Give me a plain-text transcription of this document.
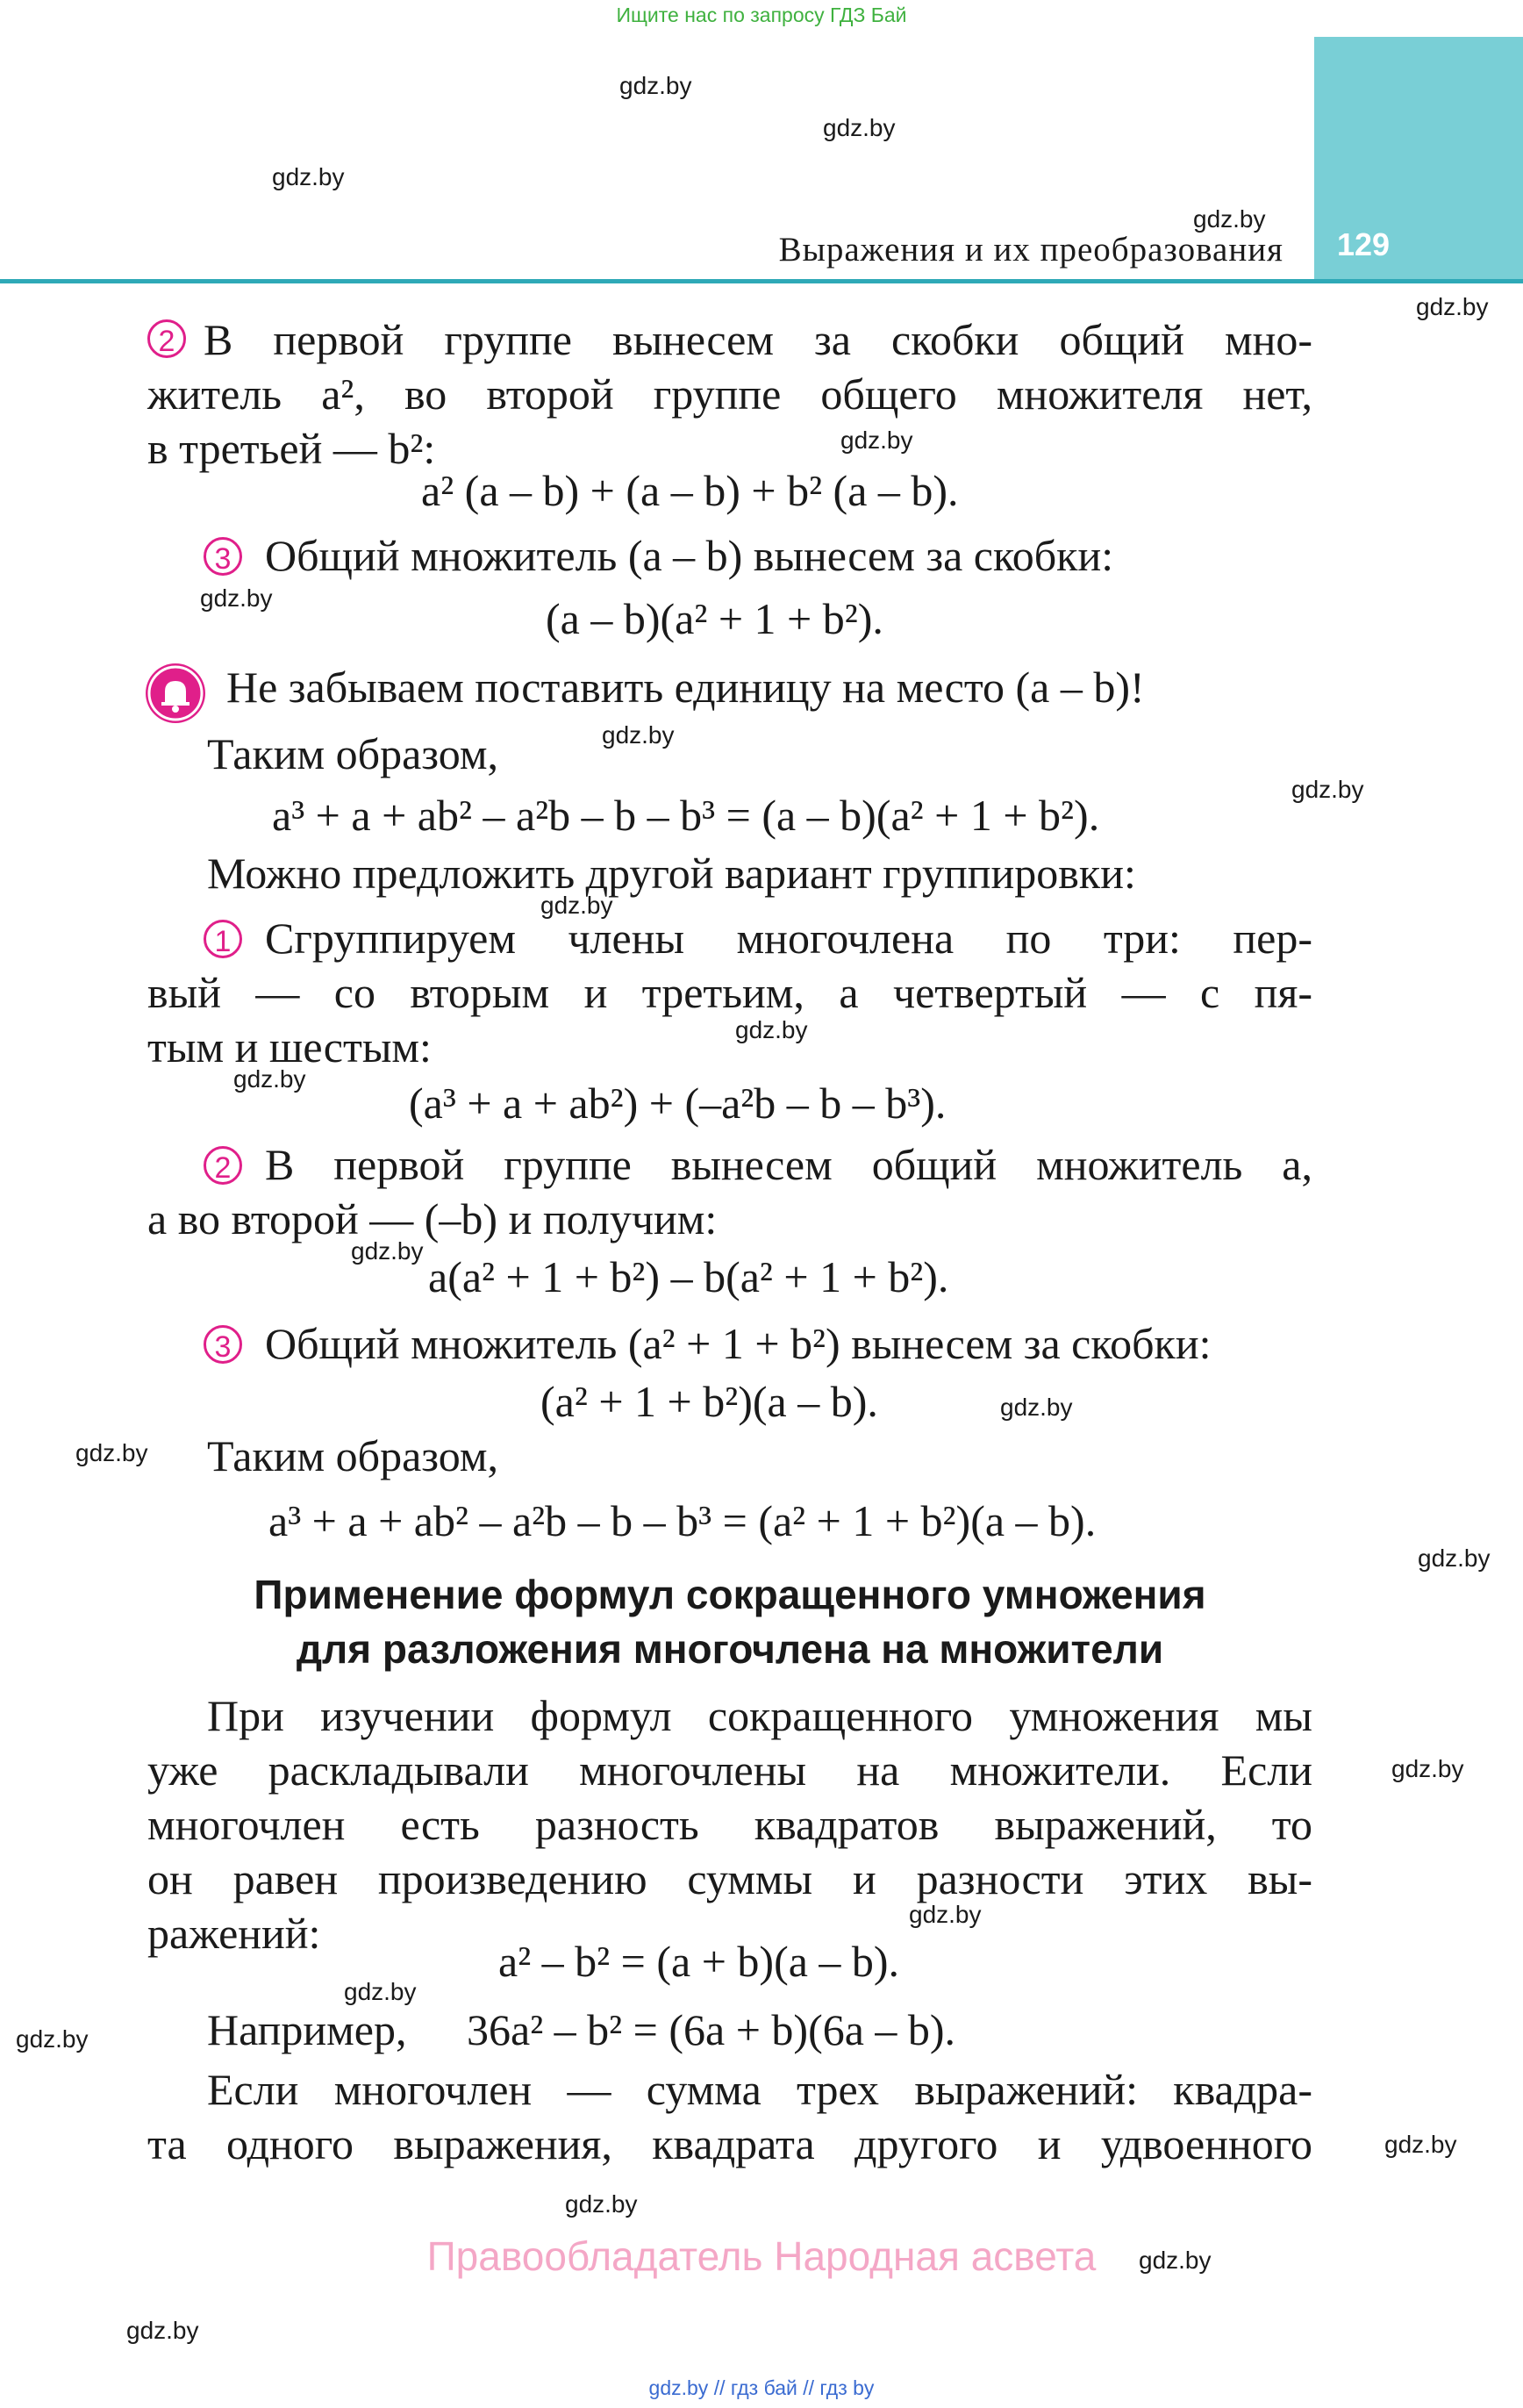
Ищите нас по запросу ГДЗ Бай
129
Выражения и их преобразования
gdz.by
gdz.by
gdz.by
gdz.by
gdz.by
gdz.by
gdz.by
gdz.by
gdz.by
gdz.by
gdz.by
gdz.by
gdz.by
gdz.by
gdz.by
gdz.by
gdz.by
gdz.by
gdz.by
gdz.by
gdz.by
gdz.by
gdz.by
gdz.by
В первой группе вынесем за скобки общий мно-
2
житель a², во второй группе общего множителя нет,
в третьей — b²:
a² (a – b) + (a – b) + b² (a – b).
3 Общий множитель (a – b) вынесем за скобки:
(a – b)(a² + 1 + b²).
Не забываем поставить единицу на место (a – b)!
Таким образом,
a³ + a + ab² – a²b – b – b³ = (a – b)(a² + 1 + b²).
Можно предложить другой вариант группировки:
1 Сгруппируем члены многочлена по три: пер-
вый — со вторым и третьим, а четвертый — с пя-
тым и шестым:
(a³ + a + ab²) + (–a²b – b – b³).
2 В первой группе вынесем общий множитель a,
а во второй — (–b) и получим:
a(a² + 1 + b²) – b(a² + 1 + b²).
3 Общий множитель (a² + 1 + b²) вынесем за скобки:
(a² + 1 + b²)(a – b).
Таким образом,
a³ + a + ab² – a²b – b – b³ = (a² + 1 + b²)(a – b).
Применение формул сокращенного умножения
для разложения многочлена на множители
При изучении формул сокращенного умножения мы
уже раскладывали многочлены на множители. Если
многочлен есть разность квадратов выражений, то
он равен произведению суммы и разности этих вы-
ражений:
a² – b² = (a + b)(a – b).
Например, 36a² – b² = (6a + b)(6a – b).
Если многочлен — сумма трех выражений: квадра-
та одного выражения, квадрата другого и удвоенного
Правообладатель Народная асвета
gdz.by // гдз бай // гдз by
